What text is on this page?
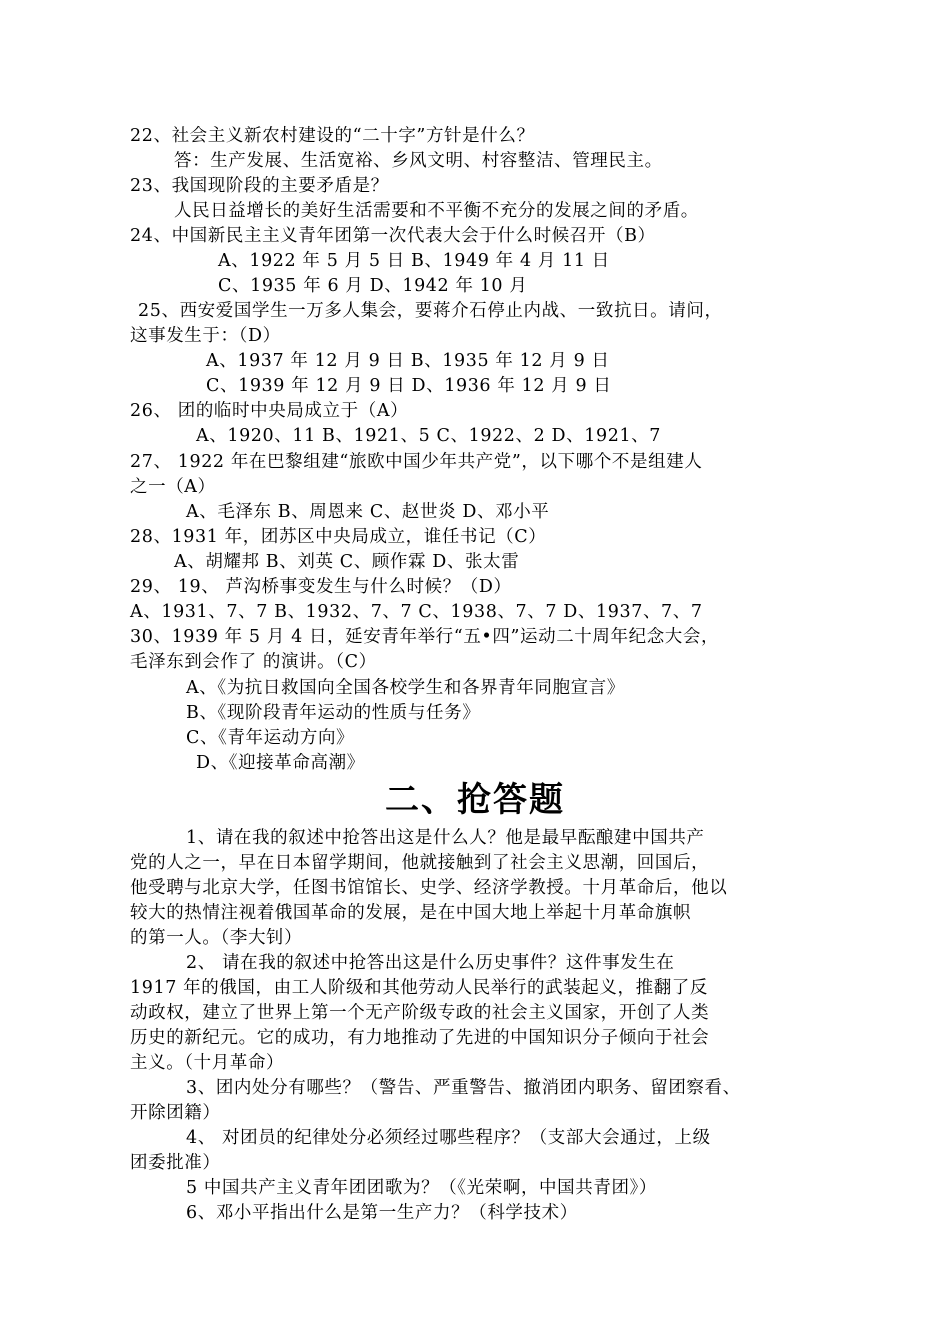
22、社会主义新农村建设的“二十字”方针是什么？
答：生产发展、生活宽裕、乡风文明、村容整洁、管理民主。
23、我国现阶段的主要矛盾是？
人民日益增长的美好生活需要和不平衡不充分的发展之间的矛盾。
24、中国新民主主义青年团第一次代表大会于什么时候召开（B）
A、1922 年 5 月 5 日 B、1949 年 4 月 11 日
C、1935 年 6 月 D、1942 年 10 月
25、西安爱国学生一万多人集会，要蒋介石停止内战、一致抗日。请问，
这事发生于：（D）
A、1937 年 12 月 9 日 B、1935 年 12 月 9 日
C、1939 年 12 月 9 日 D、1936 年 12 月 9 日
26、 团的临时中央局成立于（A）
A、1920、11 B、1921、5 C、1922、2 D、1921、7
27、 1922 年在巴黎组建“旅欧中国少年共产党”，以下哪个不是组建人
之一（A）
A、毛泽东 B、周恩来 C、赵世炎 D、邓小平
28、1931 年，团苏区中央局成立，谁任书记（C）
A、胡耀邦 B、刘英 C、顾作霖 D、张太雷
29、 19、 芦沟桥事变发生与什么时候？（D）
A、1931、7、7 B、1932、7、7 C、1938、7、7 D、1937、7、7
30、1939 年 5 月 4 日，延安青年举行“五•四”运动二十周年纪念大会，
毛泽东到会作了 的演讲。（C）
A、《为抗日救国向全国各校学生和各界青年同胞宣言》
B、《现阶段青年运动的性质与任务》
C、《青年运动方向》
D、《迎接革命高潮》
二、抢答题
1、请在我的叙述中抢答出这是什么人？他是最早酝酿建中国共产
党的人之一，早在日本留学期间，他就接触到了社会主义思潮，回国后，
他受聘与北京大学，任图书馆馆长、史学、经济学教授。十月革命后，他以
较大的热情注视着俄国革命的发展，是在中国大地上举起十月革命旗帜
的第一人。（李大钊）
2、 请在我的叙述中抢答出这是什么历史事件？这件事发生在
1917 年的俄国，由工人阶级和其他劳动人民举行的武装起义，推翻了反
动政权，建立了世界上第一个无产阶级专政的社会主义国家，开创了人类
历史的新纪元。它的成功，有力地推动了先进的中国知识分子倾向于社会
主义。（十月革命）
3、团内处分有哪些？（警告、严重警告、撤消团内职务、留团察看、
开除团籍）
4、 对团员的纪律处分必须经过哪些程序？（支部大会通过，上级
团委批准）
5 中国共产主义青年团团歌为？（《光荣啊，中国共青团》）
6、邓小平指出什么是第一生产力？（科学技术）
